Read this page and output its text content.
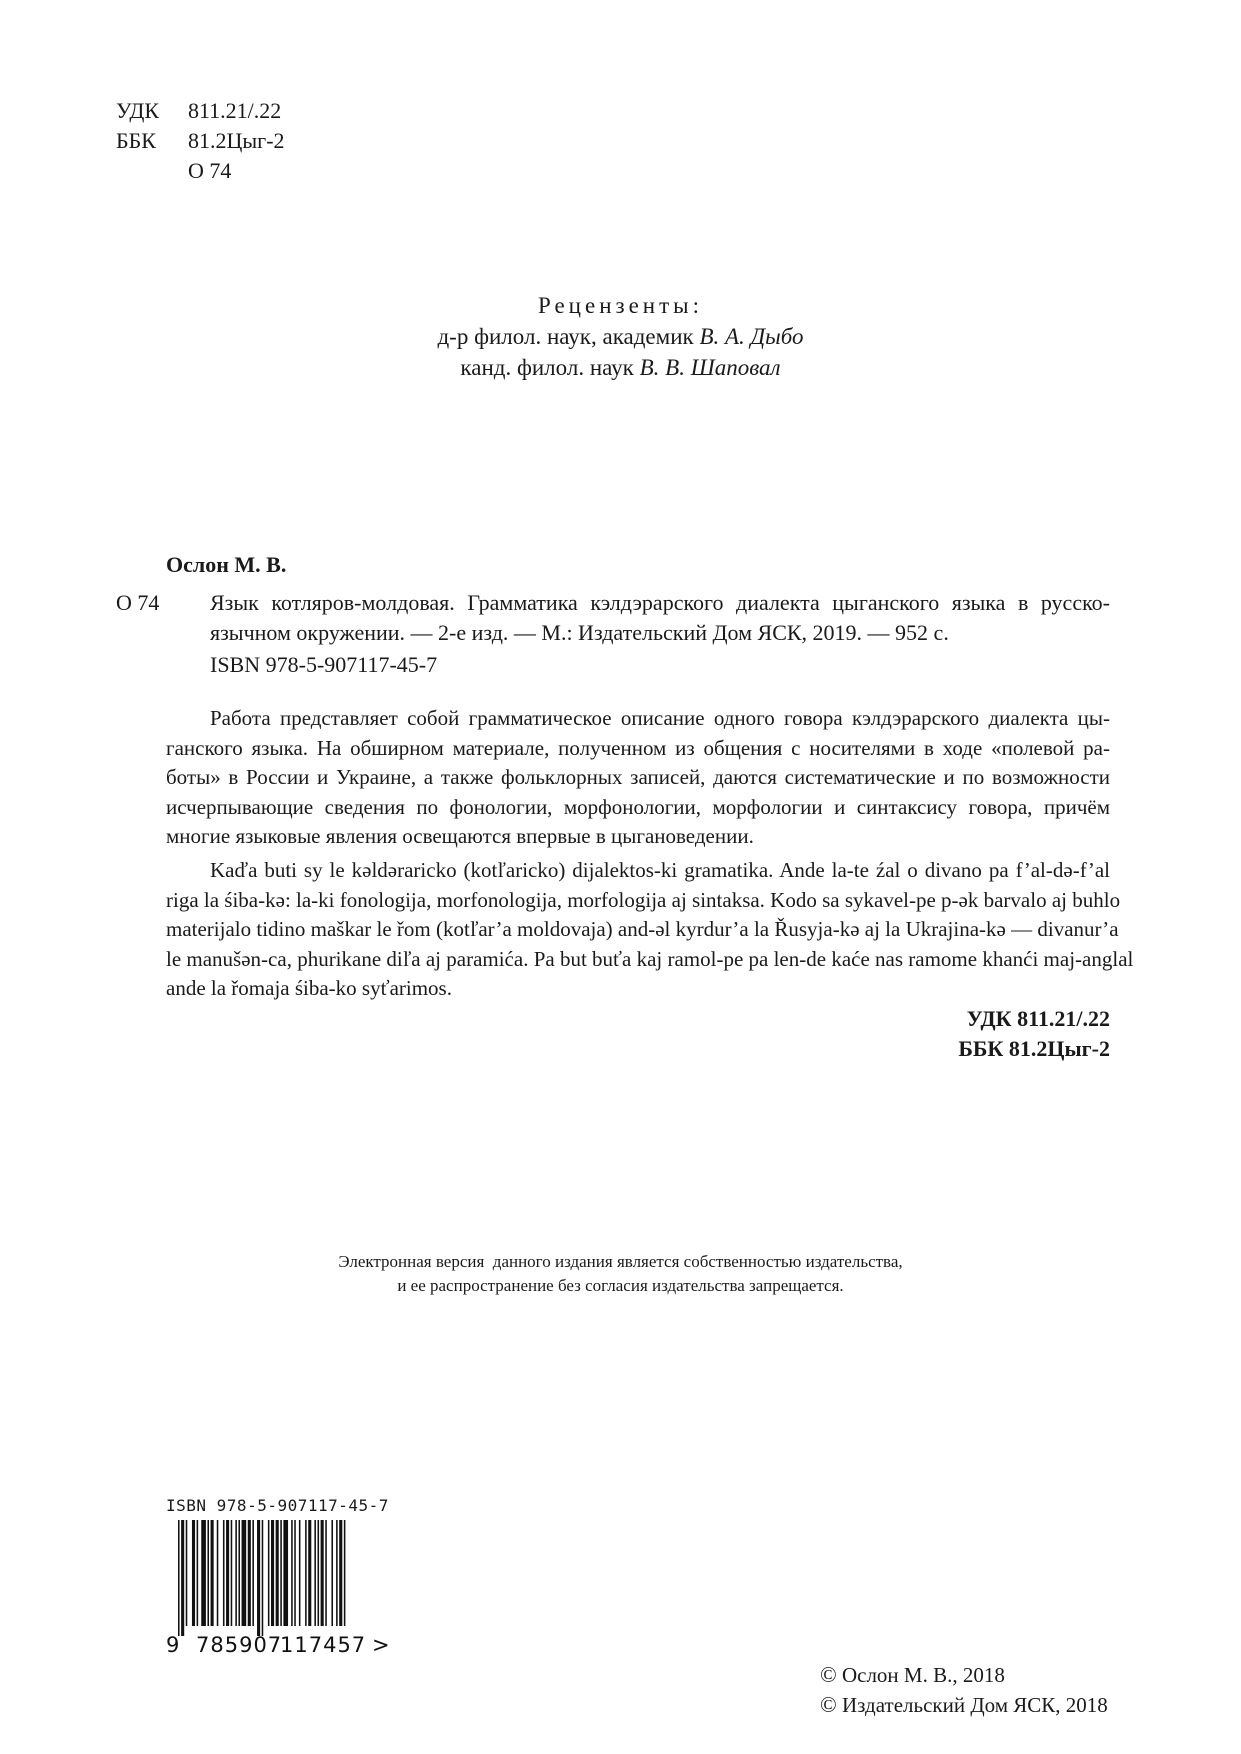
УДК 811.21/.22
ББК 81.2Цыг-2
О 74
Рецензенты:
д-р филол. наук, академик В. А. Дыбо
канд. филол. наук В. В. Шаповал
Ослон М. В.
О 74 Язык котляров-молдовая. Грамматика кэлдэрарского диалекта цыганского языка в русско-
язычном окружении. — 2-е изд. — М.: Издательский Дом ЯСК, 2019. — 952 с.
ISBN 978-5-907117-45-7
Работа представляет собой грамматическое описание одного говора кэлдэрарского диалекта цы-
ганского языка. На обширном материале, полученном из общения с носителями в ходе «полевой ра-
боты» в России и Украине, а также фольклорных записей, даются систематические и по возможности
исчерпывающие сведения по фонологии, морфонологии, морфологии и синтаксису говора, причём
многие языковые явления освещаются впервые в цыгановедении.
Kaďa buti sy le kəldəraricko (kotľaricko) dijalektos-ki gramatika. Ande la-te źal o divano pa f’al-də-f’al
riga la śiba-kə: la-ki fonologija, morfonologija, morfologija aj sintaksa. Kodo sa sykavel-pe p-ək barvalo aj buhlo
materijalo tidino maškar le řom (kotľar’a moldovaja) and-əl kyrdur’a la Řusyja-kə aj la Ukrajina-kə — divanur’a
le manušən-ca, phurikane diľa aj paramića. Pa but buťa kaj ramol-pe pa len-de kaće nas ramome khanći maj-anglal
ande la řomaja śiba-ko syťarimos.
УДК 811.21/.22
ББК 81.2Цыг-2
Электронная версия  данного издания является собственностью издательства,
и ее распространение без согласия издательства запрещается.
ISBN 978-5-907117-45-7
9 785907
117457 >
© Ослон М. В., 2018
© Издательский Дом ЯСК, 2018
